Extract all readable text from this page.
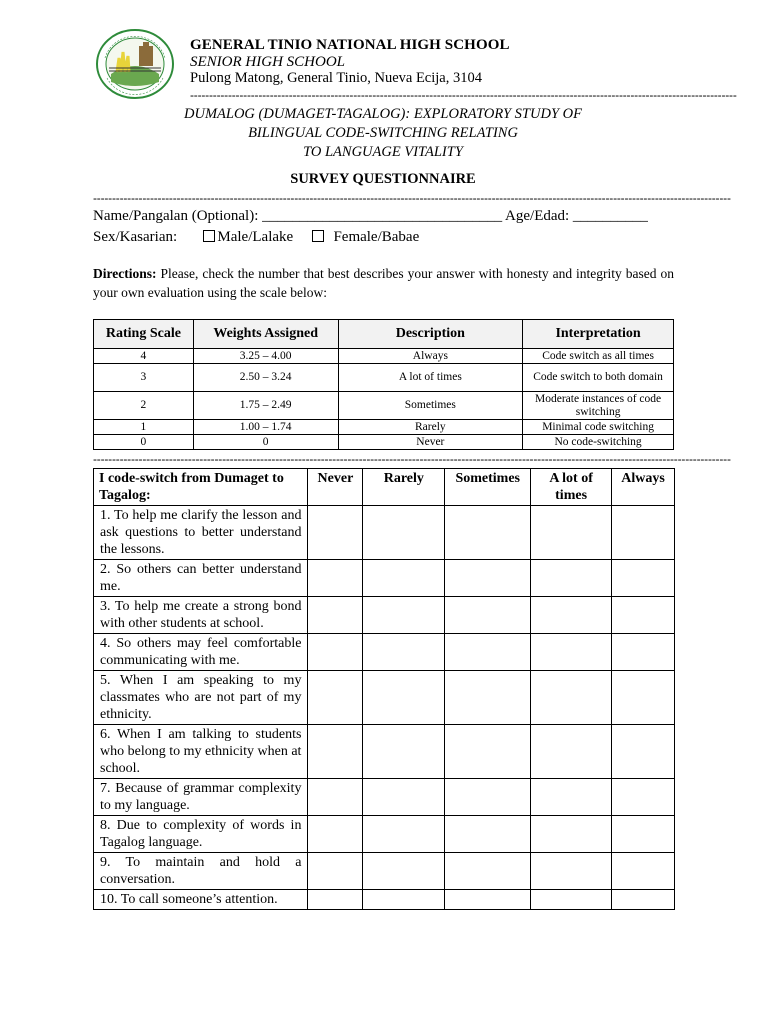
GENERAL TINIO NATIONAL HIGH SCHOOL
SENIOR HIGH SCHOOL
Pulong Matong, General Tinio, Nueva Ecija, 3104
------------------------------------------------------------------------------------------------------------------------------------------------
DUMALOG (DUMAGET-TAGALOG): EXPLORATORY STUDY OF
BILINGUAL CODE-SWITCHING RELATING
TO LANGUAGE VITALITY
SURVEY QUESTIONNAIRE
------------------------------------------------------------------------------------------------------------------------------------------------------------------------
Name/Pangalan (Optional): ________________________________ Age/Edad: __________
Sex/Kasarian:	Male/Lalake	Female/Babae
Directions: Please, check the number that best describes your answer with honesty and integrity based on your own evaluation using the scale below:
Rating Scale	Weights Assigned	Description	Interpretation
4	3.25 – 4.00	Always	Code switch as all times
3	2.50 – 3.24	A lot of times	Code switch to both domain
2	1.75 – 2.49	Sometimes	Moderate instances of code switching
1	1.00 – 1.74	Rarely	Minimal code switching
0	0	Never	No code-switching
------------------------------------------------------------------------------------------------------------------------------------------------------------------------
I code-switch from Dumaget to Tagalog:	Never	Rarely	Sometimes	A lot of times	Always
1. To help me clarify the lesson and ask questions to better understand the lessons.					
2. So others can better understand me.					
3. To help me create a strong bond with other students at school.					
4. So others may feel comfortable communicating with me.					
5. When I am speaking to my classmates who are not part of my ethnicity.					
6. When I am talking to students who belong to my ethnicity when at school.					
7. Because of grammar complexity to my language.					
8. Due to complexity of words in Tagalog language.					
9. To maintain and hold a conversation.					
10. To call someone’s attention.					
